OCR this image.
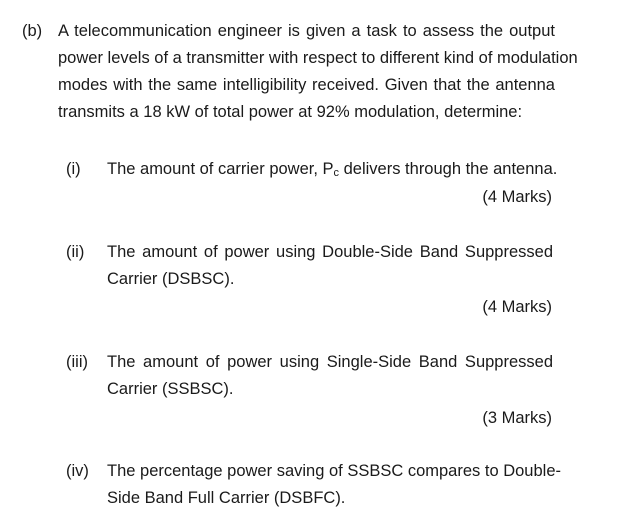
(b) A telecommunication engineer is given a task to assess the output
power levels of a transmitter with respect to different kind of modulation
modes with the same intelligibility received. Given that the antenna
transmits a 18 kW of total power at 92% modulation, determine:
(i) The amount of carrier power, $P_c$ delivers through the antenna.
(4 Marks)
(ii) The amount of power using Double-Side Band Suppressed
Carrier (DSBSC).
(4 Marks)
(iii) The amount of power using Single-Side Band Suppressed
Carrier (SSBSC).
(3 Marks)
(iv) The percentage power saving of SSBSC compares to Double-
Side Band Full Carrier (DSBFC).
